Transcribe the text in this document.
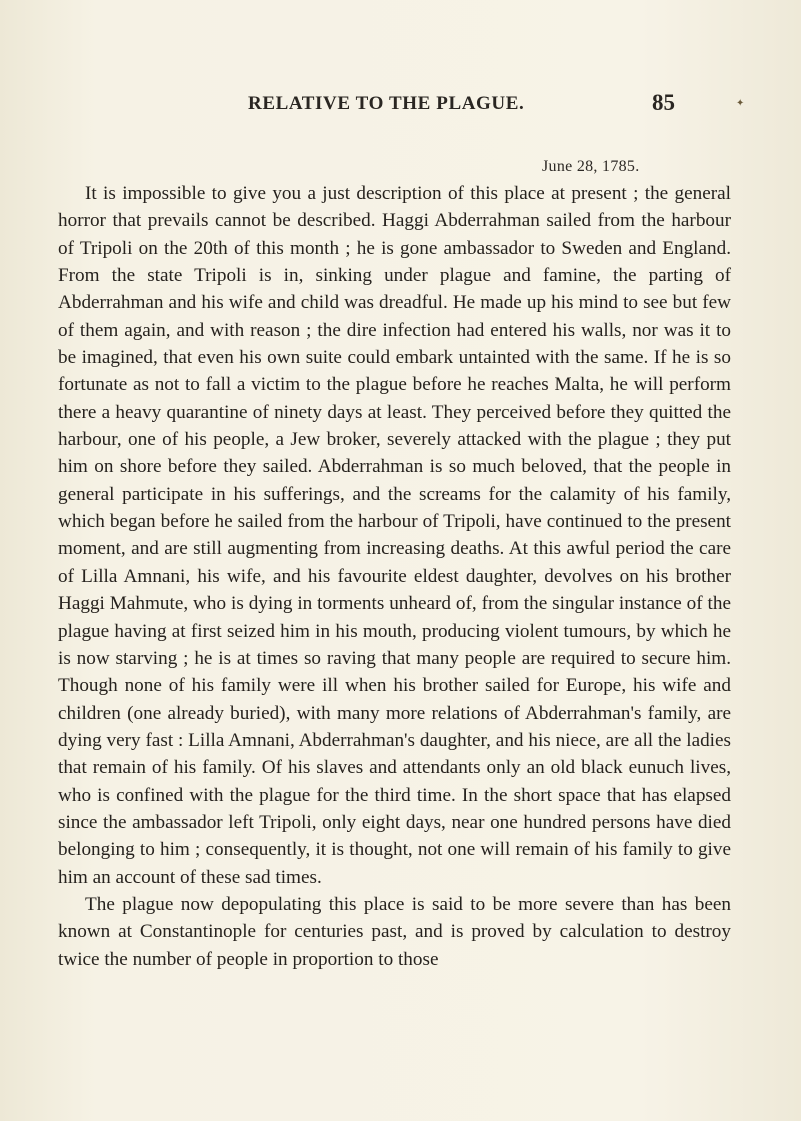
RELATIVE TO THE PLAGUE.	85	✦
June 28, 1785.

It is impossible to give you a just description of this place at present ; the general horror that prevails cannot be described. Haggi Abderrahman sailed from the harbour of Tripoli on the 20th of this month ; he is gone ambassador to Sweden and England. From the state Tripoli is in, sinking under plague and famine, the parting of Abderrahman and his wife and child was dreadful. He made up his mind to see but few of them again, and with reason ; the dire infection had entered his walls, nor was it to be imagined, that even his own suite could embark untainted with the same. If he is so fortunate as not to fall a victim to the plague before he reaches Malta, he will perform there a heavy quarantine of ninety days at least. They perceived before they quitted the harbour, one of his people, a Jew broker, severely attacked with the plague ; they put him on shore before they sailed. Abderrahman is so much beloved, that the people in general participate in his sufferings, and the screams for the calamity of his family, which began before he sailed from the harbour of Tripoli, have continued to the present moment, and are still augmenting from increasing deaths. At this awful period the care of Lilla Amnani, his wife, and his favourite eldest daughter, devolves on his brother Haggi Mahmute, who is dying in torments unheard of, from the singular instance of the plague having at first seized him in his mouth, producing violent tumours, by which he is now starving ; he is at times so raving that many people are required to secure him. Though none of his family were ill when his brother sailed for Europe, his wife and children (one already buried), with many more relations of Abderrahman's family, are dying very fast : Lilla Amnani, Abderrahman's daughter, and his niece, are all the ladies that remain of his family. Of his slaves and attendants only an old black eunuch lives, who is confined with the plague for the third time. In the short space that has elapsed since the ambassador left Tripoli, only eight days, near one hundred persons have died belonging to him ; consequently, it is thought, not one will remain of his family to give him an account of these sad times.

The plague now depopulating this place is said to be more severe than has been known at Constantinople for centuries past, and is proved by calculation to destroy twice the number of people in proportion to those
